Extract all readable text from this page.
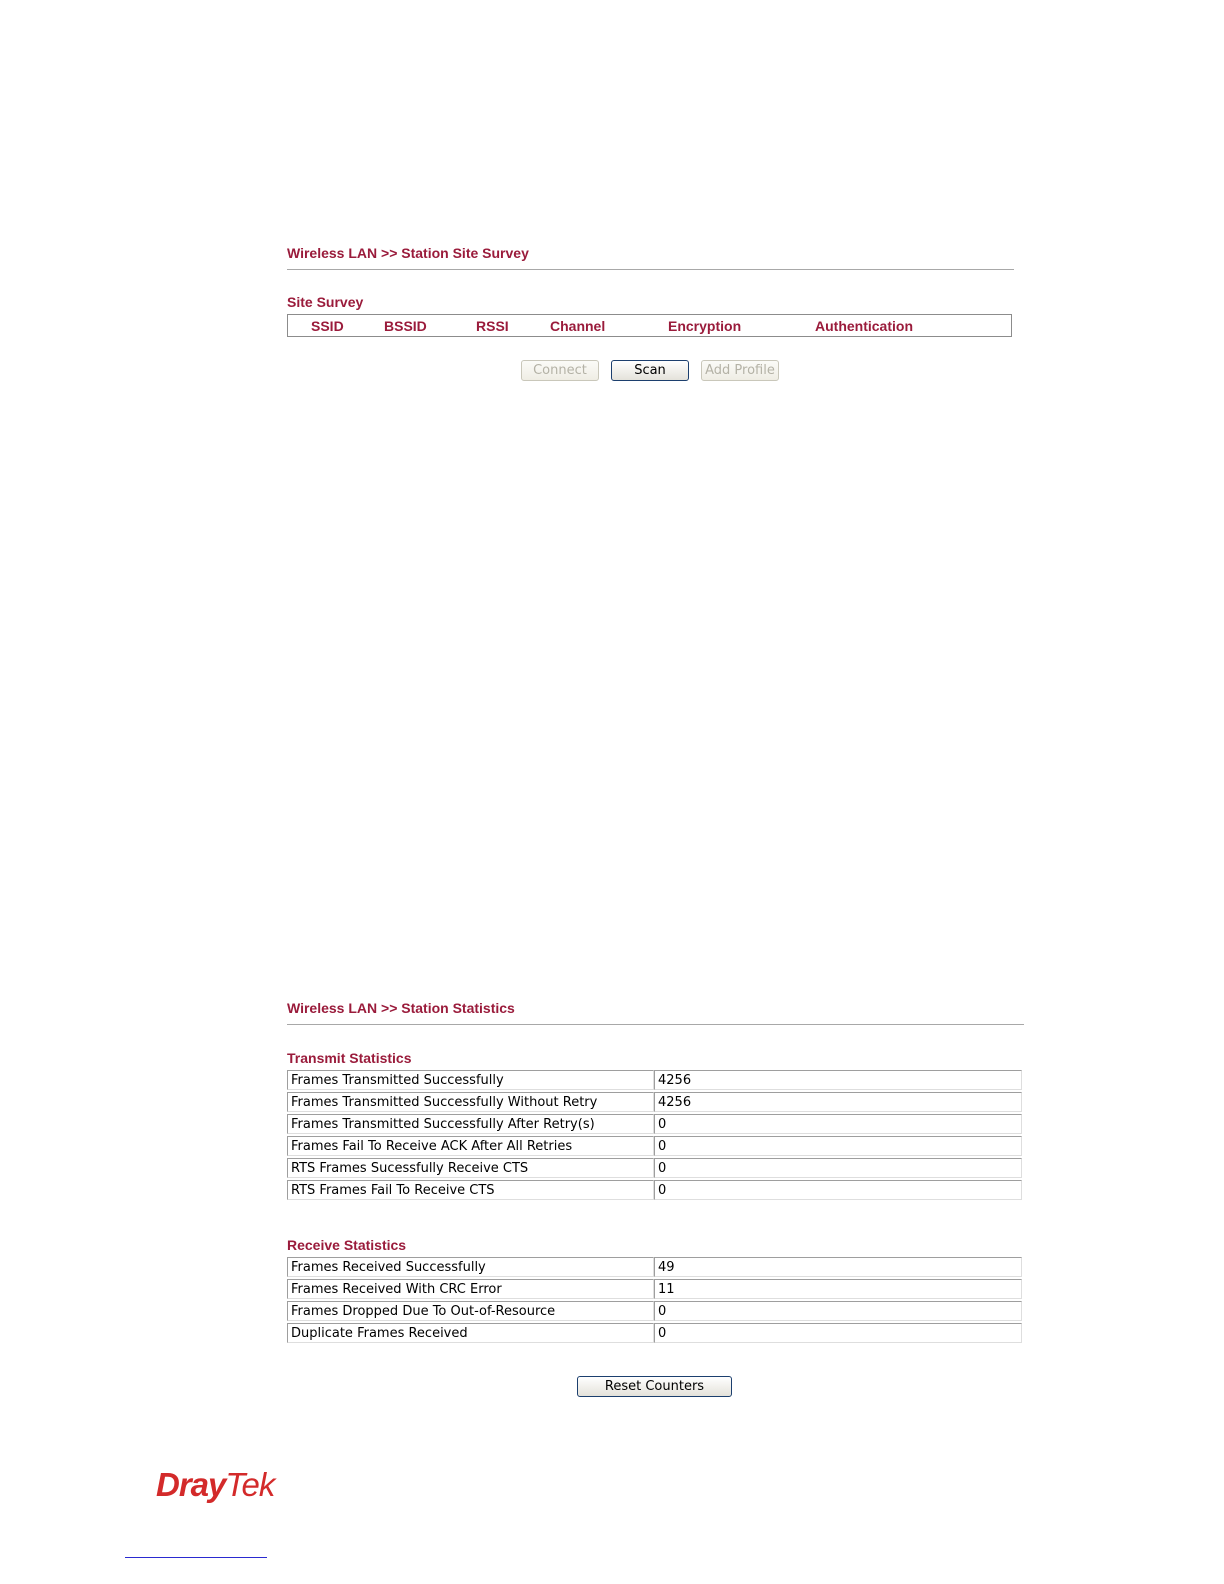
Wireless LAN >> Station Site Survey
Site Survey
SSID	BSSID	RSSI	Channel	Encryption	Authentication
Connect	Scan	Add Profile
Wireless LAN >> Station Statistics
Transmit Statistics
Frames Transmitted Successfully	4256
Frames Transmitted Successfully Without Retry	4256
Frames Transmitted Successfully After Retry(s)	0
Frames Fail To Receive ACK After All Retries	0
RTS Frames Sucessfully Receive CTS	0
RTS Frames Fail To Receive CTS	0
Receive Statistics
Frames Received Successfully	49
Frames Received With CRC Error	11
Frames Dropped Due To Out-of-Resource	0
Duplicate Frames Received	0
Reset Counters
DrayTek
